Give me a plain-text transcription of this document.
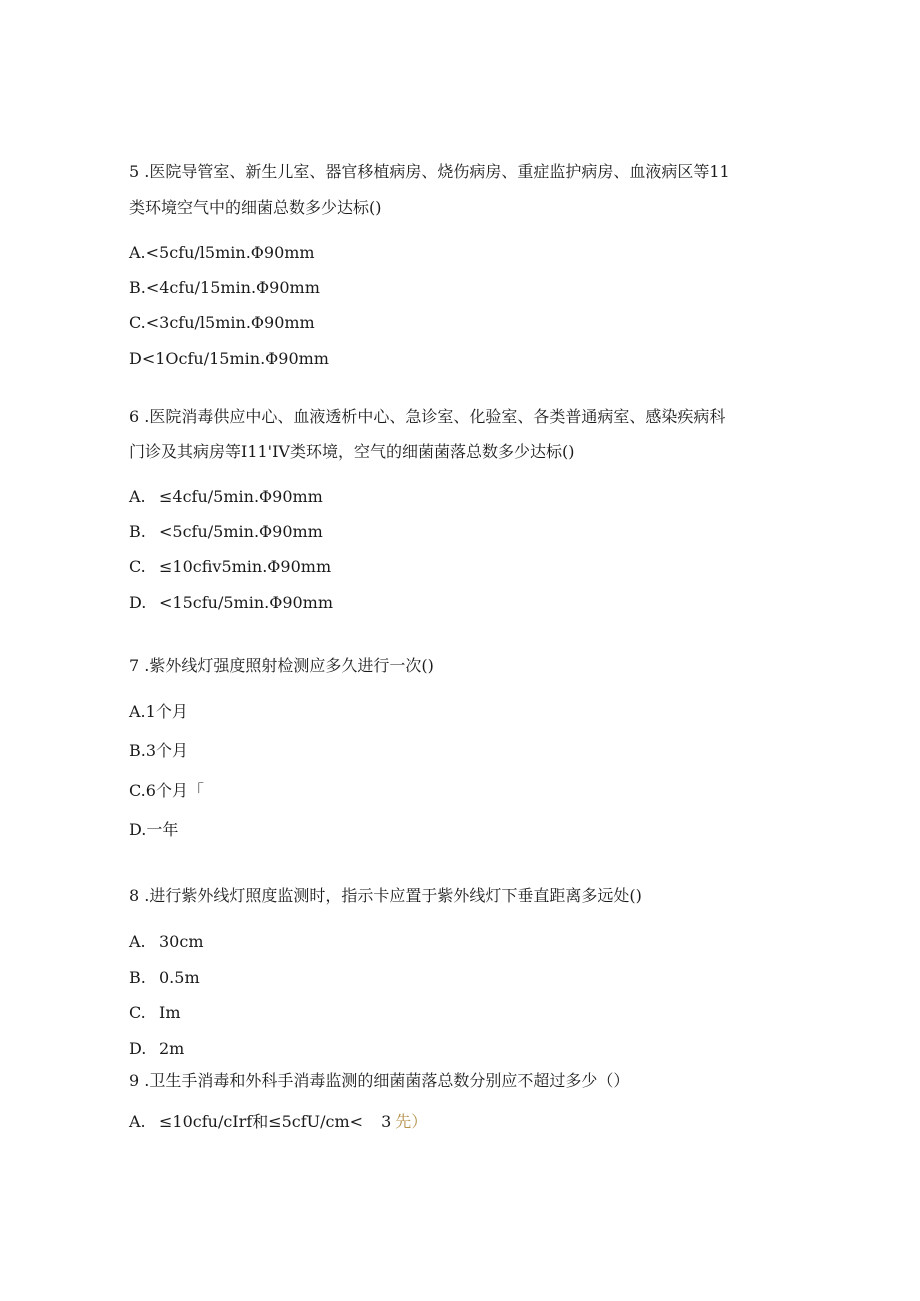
5 .医院导管室、新生儿室、器官移植病房、烧伤病房、重症监护病房、血液病区等11
类环境空气中的细菌总数多少达标()
A.<5cfu/l5min.Φ90mm
B.<4cfu/15min.Φ90mm
C.<3cfu/l5min.Φ90mm
D<1Ocfu/15min.Φ90mm
6 .医院消毒供应中心、血液透析中心、急诊室、化验室、各类普通病室、感染疾病科
门诊及其病房等I11'IV类环境，空气的细菌菌落总数多少达标()
A. ≤4cfu/5min.Φ90mm
B. <5cfu/5min.Φ90mm
C. ≤10cfiv5min.Φ90mm
D. <15cfu/5min.Φ90mm
7 .紫外线灯强度照射检测应多久进行一次()
A.1个月
B.3个月
C.6个月「
D.一年
8 .进行紫外线灯照度监测时，指示卡应置于紫外线灯下垂直距离多远处()
A. 30cm
B. 0.5m
C. Im
D. 2m
9 .卫生手消毒和外科手消毒监测的细菌菌落总数分别应不超过多少（）
A. ≤10cfu/cIrf和≤5cfU/cm< 3 先）
